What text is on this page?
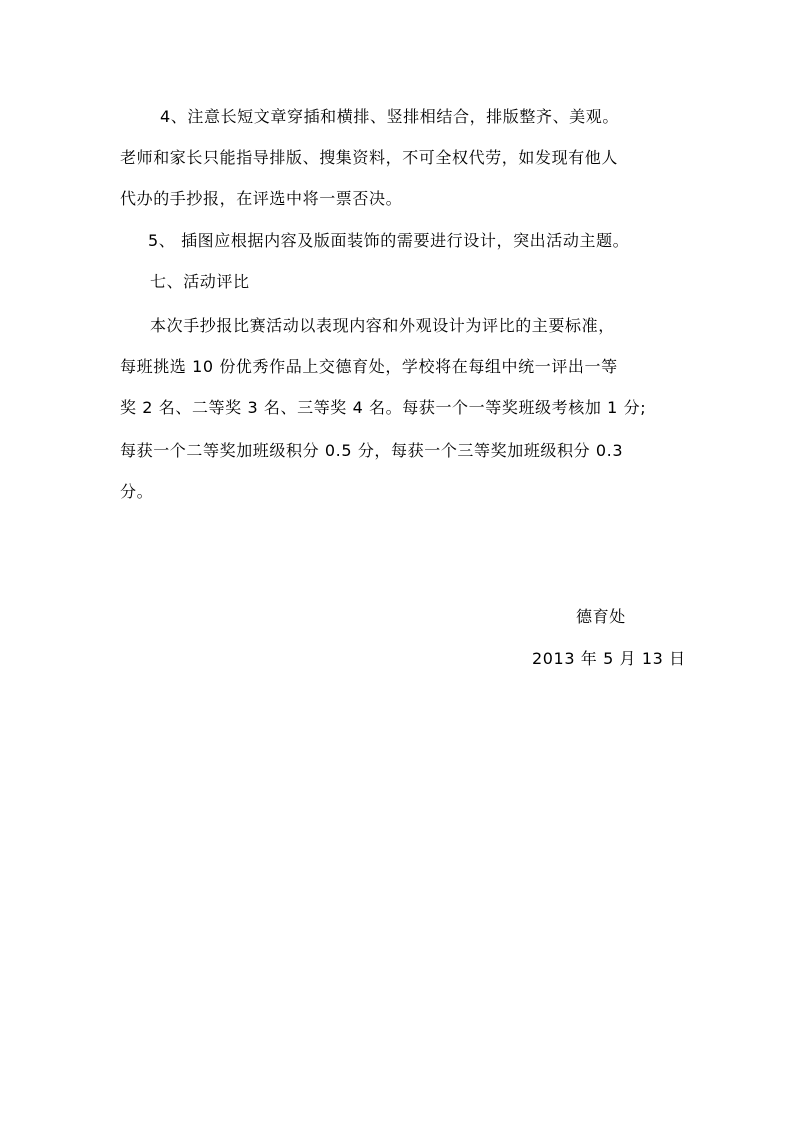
4、注意长短文章穿插和横排、竖排相结合，排版整齐、美观。
老师和家长只能指导排版、搜集资料，不可全权代劳，如发现有他人
代办的手抄报，在评选中将一票否决。
5、 插图应根据内容及版面装饰的需要进行设计，突出活动主题。
七、活动评比
本次手抄报比赛活动以表现内容和外观设计为评比的主要标准，
每班挑选 10 份优秀作品上交德育处，学校将在每组中统一评出一等
奖 2 名、二等奖 3 名、三等奖 4 名。每获一个一等奖班级考核加 1 分;
每获一个二等奖加班级积分 0.5 分，每获一个三等奖加班级积分 0.3
分。
德育处
2013 年 5 月 13 日
